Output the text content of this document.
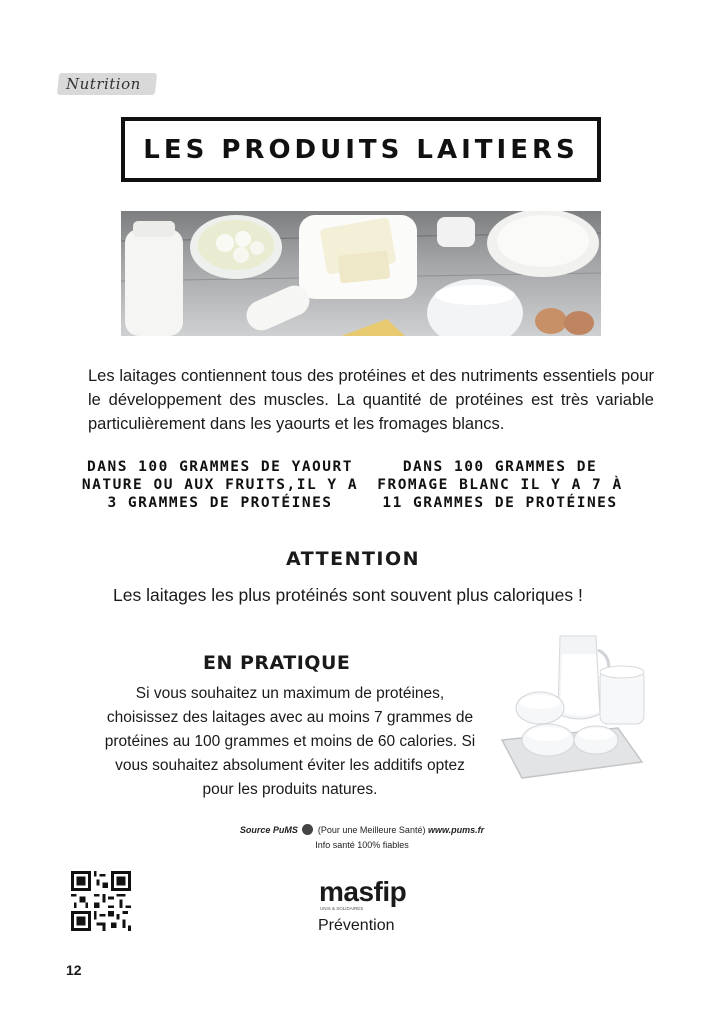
Nutrition
LES PRODUITS LAITIERS
Les laitages contiennent tous des protéines et des nutriments essentiels pour le développement des muscles. La quantité de protéines est très variable particulièrement dans les yaourts et les fromages blancs.
DANS 100 GRAMMES DE YAOURT NATURE OU AUX FRUITS,IL Y A 3 GRAMMES DE PROTÉINES
DANS 100 GRAMMES DE FROMAGE BLANC IL Y A 7 À 11 GRAMMES DE PROTÉINES
ATTENTION
Les laitages les plus protéinés sont souvent plus caloriques !
EN PRATIQUE
Si vous souhaitez un maximum de protéines, choisissez des laitages avec au moins 7 grammes de protéines au 100 grammes et moins de 60 calories. Si vous souhaitez absolument éviter les additifs optez pour les produits natures.
Source PuMS (Pour une Meilleure Santé) www.pums.fr
Info santé 100% fiables
masfip
UNIS & SOLIDAIRES
Prévention
12
